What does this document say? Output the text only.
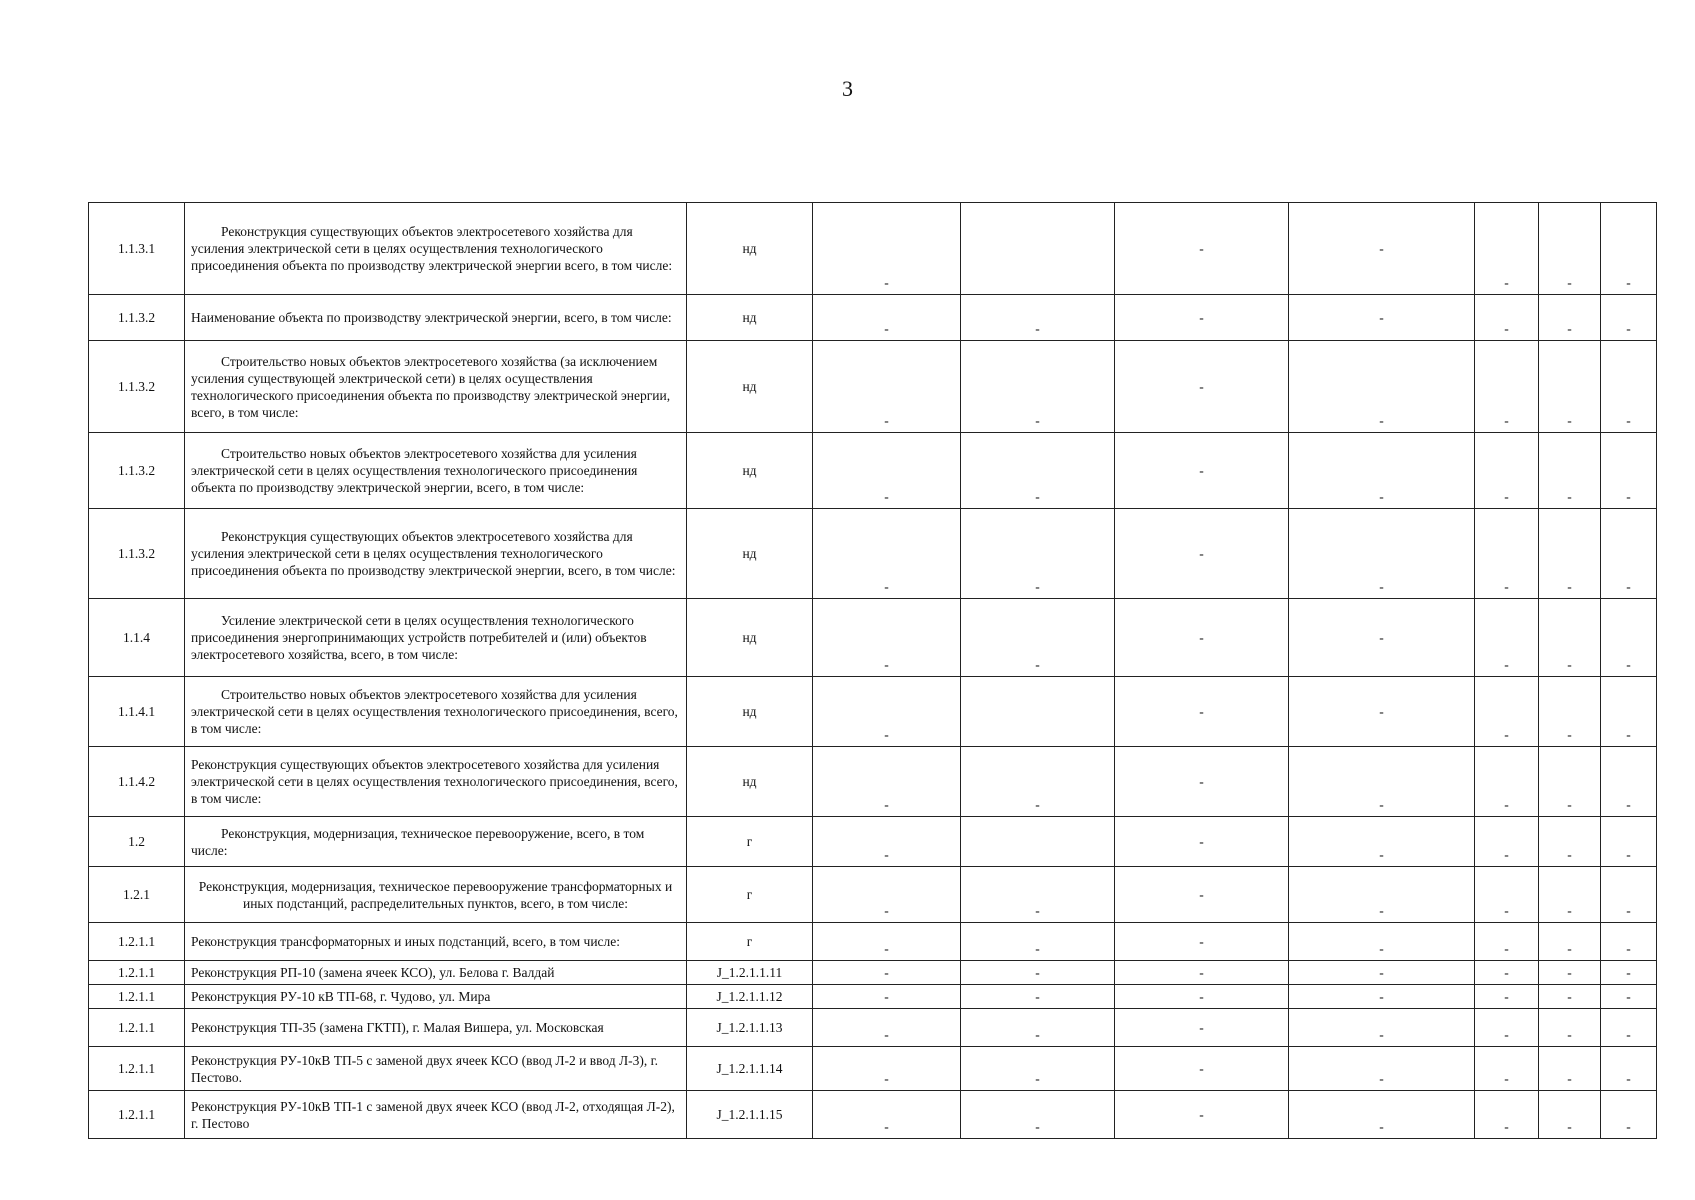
3
1.1.3.1	Реконструкция существующих объектов электросетевого хозяйства для усиления электрической сети в целях осуществления технологического присоединения объекта по производству электрической энергии всего, в том числе:	нд	-		-	-	-	-	-
1.1.3.2	Наименование объекта по производству электрической энергии, всего, в том числе:	нд	-	-	-	-	-	-	-
1.1.3.2	Строительство новых объектов электросетевого хозяйства (за исключением усиления существующей электрической сети) в целях осуществления технологического присоединения объекта по производству электрической энергии, всего, в том числе:	нд	-	-	-	-	-	-	-
1.1.3.2	Строительство новых объектов электросетевого хозяйства для усиления электрической сети в целях осуществления технологического присоединения объекта по производству электрической энергии, всего, в том числе:	нд	-	-	-	-	-	-	-
1.1.3.2	Реконструкция существующих объектов электросетевого хозяйства для усиления электрической сети в целях осуществления технологического присоединения объекта по производству электрической энергии, всего, в том числе:	нд	-	-	-	-	-	-	-
1.1.4	Усиление электрической сети в целях осуществления технологического присоединения энергопринимающих устройств потребителей и (или) объектов электросетевого хозяйства, всего, в том числе:	нд	-	-	-	-	-	-	-
1.1.4.1	Строительство новых объектов электросетевого хозяйства для усиления электрической сети в целях осуществления технологического присоединения, всего, в том числе:	нд	-		-	-	-	-	-
1.1.4.2	Реконструкция существующих объектов электросетевого хозяйства для усиления электрической сети в целях осуществления технологического присоединения, всего, в том числе:	нд	-	-	-	-	-	-	-
1.2	Реконструкция, модернизация, техническое перевооружение, всего, в том числе:	г	-		-	-	-	-	-
1.2.1	Реконструкция, модернизация, техническое перевооружение трансформаторных и иных подстанций, распределительных пунктов, всего, в том числе:	г	-	-	-	-	-	-	-
1.2.1.1	Реконструкция трансформаторных и иных подстанций, всего, в том числе:	г	-	-	-	-	-	-	-
1.2.1.1	Реконструкция РП-10 (замена ячеек КСО), ул. Белова г. Валдай	J_1.2.1.1.11	-	-	-	-	-	-	-
1.2.1.1	Реконструкция РУ-10 кВ ТП-68, г. Чудово, ул. Мира	J_1.2.1.1.12	-	-	-	-	-	-	-
1.2.1.1	Реконструкция ТП-35 (замена ГКТП), г. Малая Вишера, ул. Московская	J_1.2.1.1.13	-	-	-	-	-	-	-
1.2.1.1	Реконструкция РУ-10кВ ТП-5 с заменой двух ячеек КСО (ввод Л-2 и ввод Л-3), г. Пестово.	J_1.2.1.1.14	-	-	-	-	-	-	-
1.2.1.1	Реконструкция РУ-10кВ ТП-1 с заменой двух ячеек КСО (ввод Л-2, отходящая Л-2), г. Пестово	J_1.2.1.1.15	-	-	-	-	-	-	-
